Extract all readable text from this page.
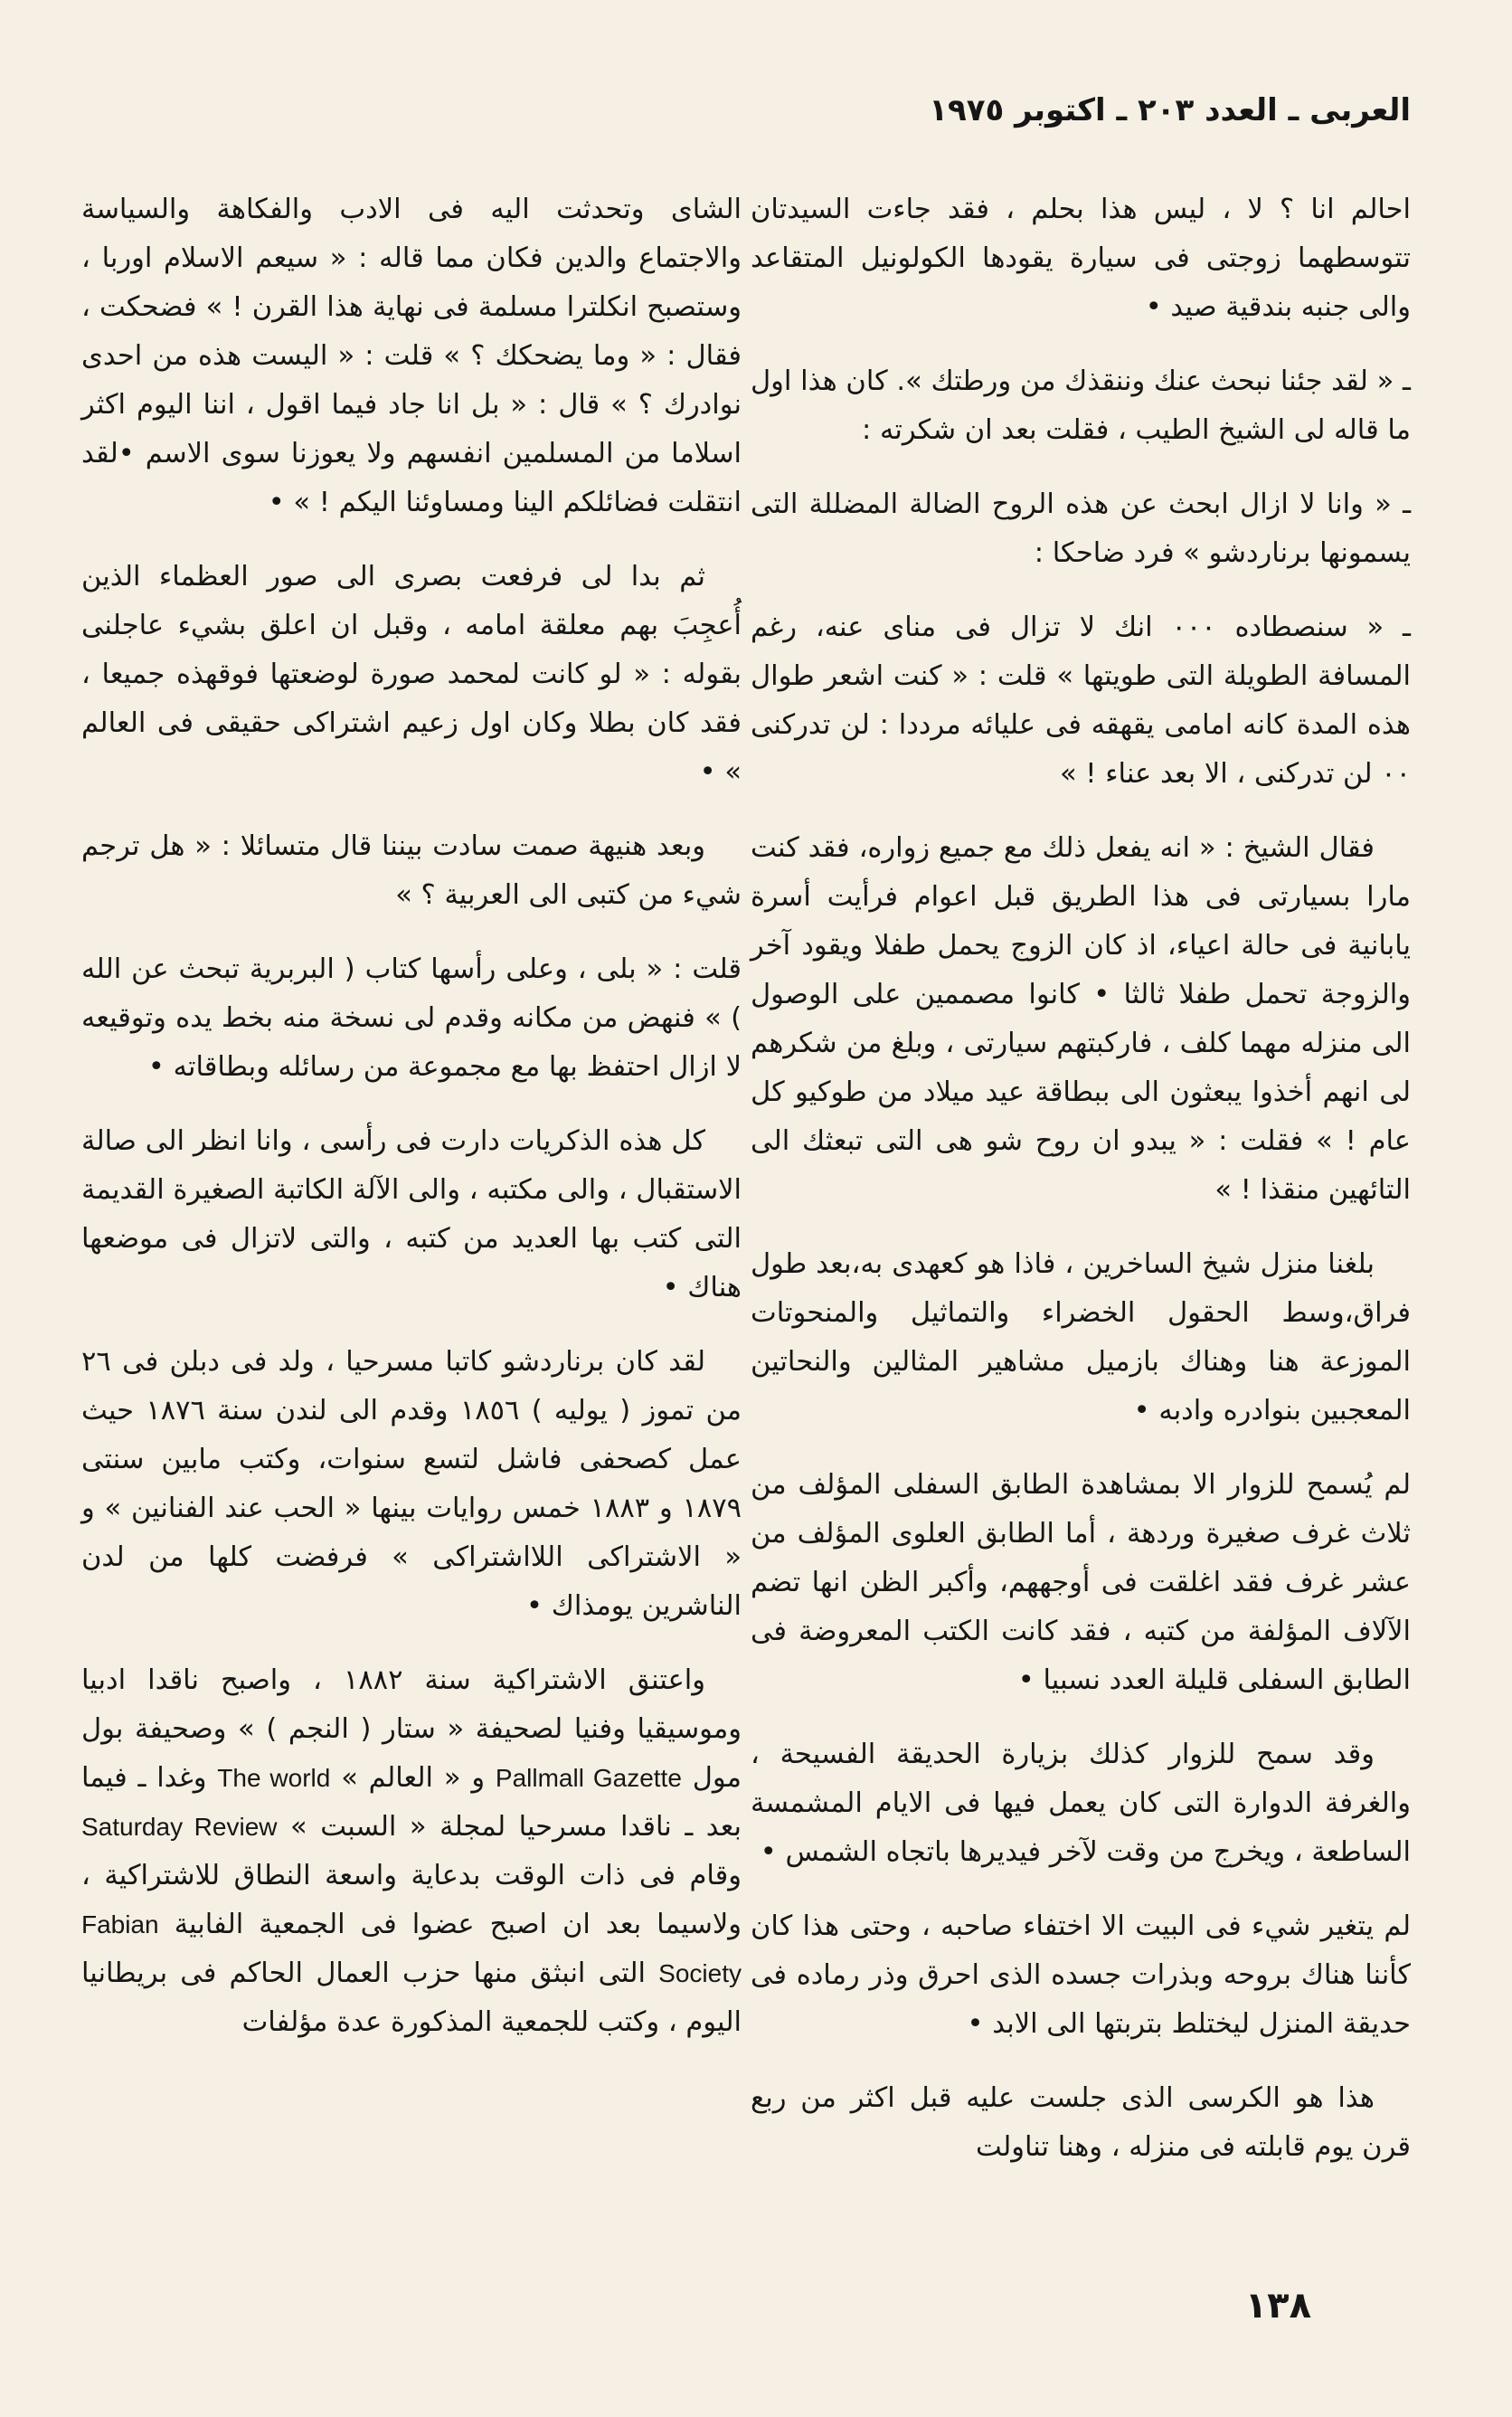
العربى ـ العدد ٢٠٣ ـ اكتوبر ١٩٧٥

احالم انا ؟ لا ، ليس هذا بحلم ، فقد جاءت السيدتان تتوسطهما زوجتى فى سيارة يقودها الكولونيل المتقاعد والى جنبه بندقية صيد •

ـ « لقد جئنا نبحث عنك وننقذك من ورطتك ». كان هذا اول ما قاله لى الشيخ الطيب ، فقلت بعد ان شكرته :

ـ « وانا لا ازال ابحث عن هذه الروح الضالة المضللة التى يسمونها برناردشو » فرد ضاحكا :

ـ « سنصطاده ٠٠٠ انك لا تزال فى مناى عنه، رغم المسافة الطويلة التى طويتها » قلت : « كنت اشعر طوال هذه المدة كانه امامى يقهقه فى عليائه مرددا : لن تدركنى ٠٠ لن تدركنى ، الا بعد عناء ! »

فقال الشيخ : « انه يفعل ذلك مع جميع زواره، فقد كنت مارا بسيارتى فى هذا الطريق قبل اعوام فرأيت أسرة يابانية فى حالة اعياء، اذ كان الزوج يحمل طفلا ويقود آخر والزوجة تحمل طفلا ثالثا • كانوا مصممين على الوصول الى منزله مهما كلف ، فاركبتهم سيارتى ، وبلغ من شكرهم لى انهم أخذوا يبعثون الى ببطاقة عيد ميلاد من طوكيو كل عام ! » فقلت : « يبدو ان روح شو هى التى تبعثك الى التائهين منقذا ! »

بلغنا منزل شيخ الساخرين ، فاذا هو كعهدى به،بعد طول فراق،وسط الحقول الخضراء والتماثيل والمنحوتات الموزعة هنا وهناك بازميل مشاهير المثالين والنحاتين المعجبين بنوادره وادبه •

لم يُسمح للزوار الا بمشاهدة الطابق السفلى المؤلف من ثلاث غرف صغيرة وردهة ، أما الطابق العلوى المؤلف من عشر غرف فقد اغلقت فى أوجههم، وأكبر الظن انها تضم الآلاف المؤلفة من كتبه ، فقد كانت الكتب المعروضة فى الطابق السفلى قليلة العدد نسبيا •

وقد سمح للزوار كذلك بزيارة الحديقة الفسيحة ، والغرفة الدوارة التى كان يعمل فيها فى الايام المشمسة الساطعة ، ويخرج من وقت لآخر فيديرها باتجاه الشمس •

لم يتغير شيء فى البيت الا اختفاء صاحبه ، وحتى هذا كان كأننا هناك بروحه وبذرات جسده الذى احرق وذر رماده فى حديقة المنزل ليختلط بتربتها الى الابد •

هذا هو الكرسى الذى جلست عليه قبل اكثر من ربع قرن يوم قابلته فى منزله ، وهنا تناولت

الشاى وتحدثت اليه فى الادب والفكاهة والسياسة والاجتماع والدين فكان مما قاله : « سيعم الاسلام اوربا ، وستصبح انكلترا مسلمة فى نهاية هذا القرن ! » فضحكت ، فقال : « وما يضحكك ؟ » قلت : « اليست هذه من احدى نوادرك ؟ » قال : « بل انا جاد فيما اقول ، اننا اليوم اكثر اسلاما من المسلمين انفسهم ولا يعوزنا سوى الاسم •لقد انتقلت فضائلكم الينا ومساوئنا اليكم ! » •

ثم بدا لى فرفعت بصرى الى صور العظماء الذين أُعجِبَ بهم معلقة امامه ، وقبل ان اعلق بشيء عاجلنى بقوله : « لو كانت لمحمد صورة لوضعتها فوقهذه جميعا ، فقد كان بطلا وكان اول زعيم اشتراكى حقيقى فى العالم » •

وبعد هنيهة صمت سادت بيننا قال متسائلا : « هل ترجم شيء من كتبى الى العربية ؟ »

قلت : « بلى ، وعلى رأسها كتاب ( البربرية تبحث عن الله ) » فنهض من مكانه وقدم لى نسخة منه بخط يده وتوقيعه لا ازال احتفظ بها مع مجموعة من رسائله وبطاقاته •

كل هذه الذكريات دارت فى رأسى ، وانا انظر الى صالة الاستقبال ، والى مكتبه ، والى الآلة الكاتبة الصغيرة القديمة التى كتب بها العديد من كتبه ، والتى لاتزال فى موضعها هناك •

لقد كان برناردشو كاتبا مسرحيا ، ولد فى دبلن فى ٢٦ من تموز ( يوليه ) ١٨٥٦ وقدم الى لندن سنة ١٨٧٦ حيث عمل كصحفى فاشل لتسع سنوات، وكتب مابين سنتى ١٨٧٩ و ١٨٨٣ خمس روايات بينها « الحب عند الفنانين » و « الاشتراكى اللااشتراكى » فرفضت كلها من لدن الناشرين يومذاك •

واعتنق الاشتراكية سنة ١٨٨٢ ، واصبح ناقدا ادبيا وموسيقيا وفنيا لصحيفة « ستار ( النجم ) » وصحيفة بول مول Pallmall Gazette و « العالم » The world وغدا ـ فيما بعد ـ ناقدا مسرحيا لمجلة « السبت » Saturday Review وقام فى ذات الوقت بدعاية واسعة النطاق للاشتراكية ، ولاسيما بعد ان اصبح عضوا فى الجمعية الفابية Fabian Society التى انبثق منها حزب العمال الحاكم فى بريطانيا اليوم ، وكتب للجمعية المذكورة عدة مؤلفات

١٣٨
